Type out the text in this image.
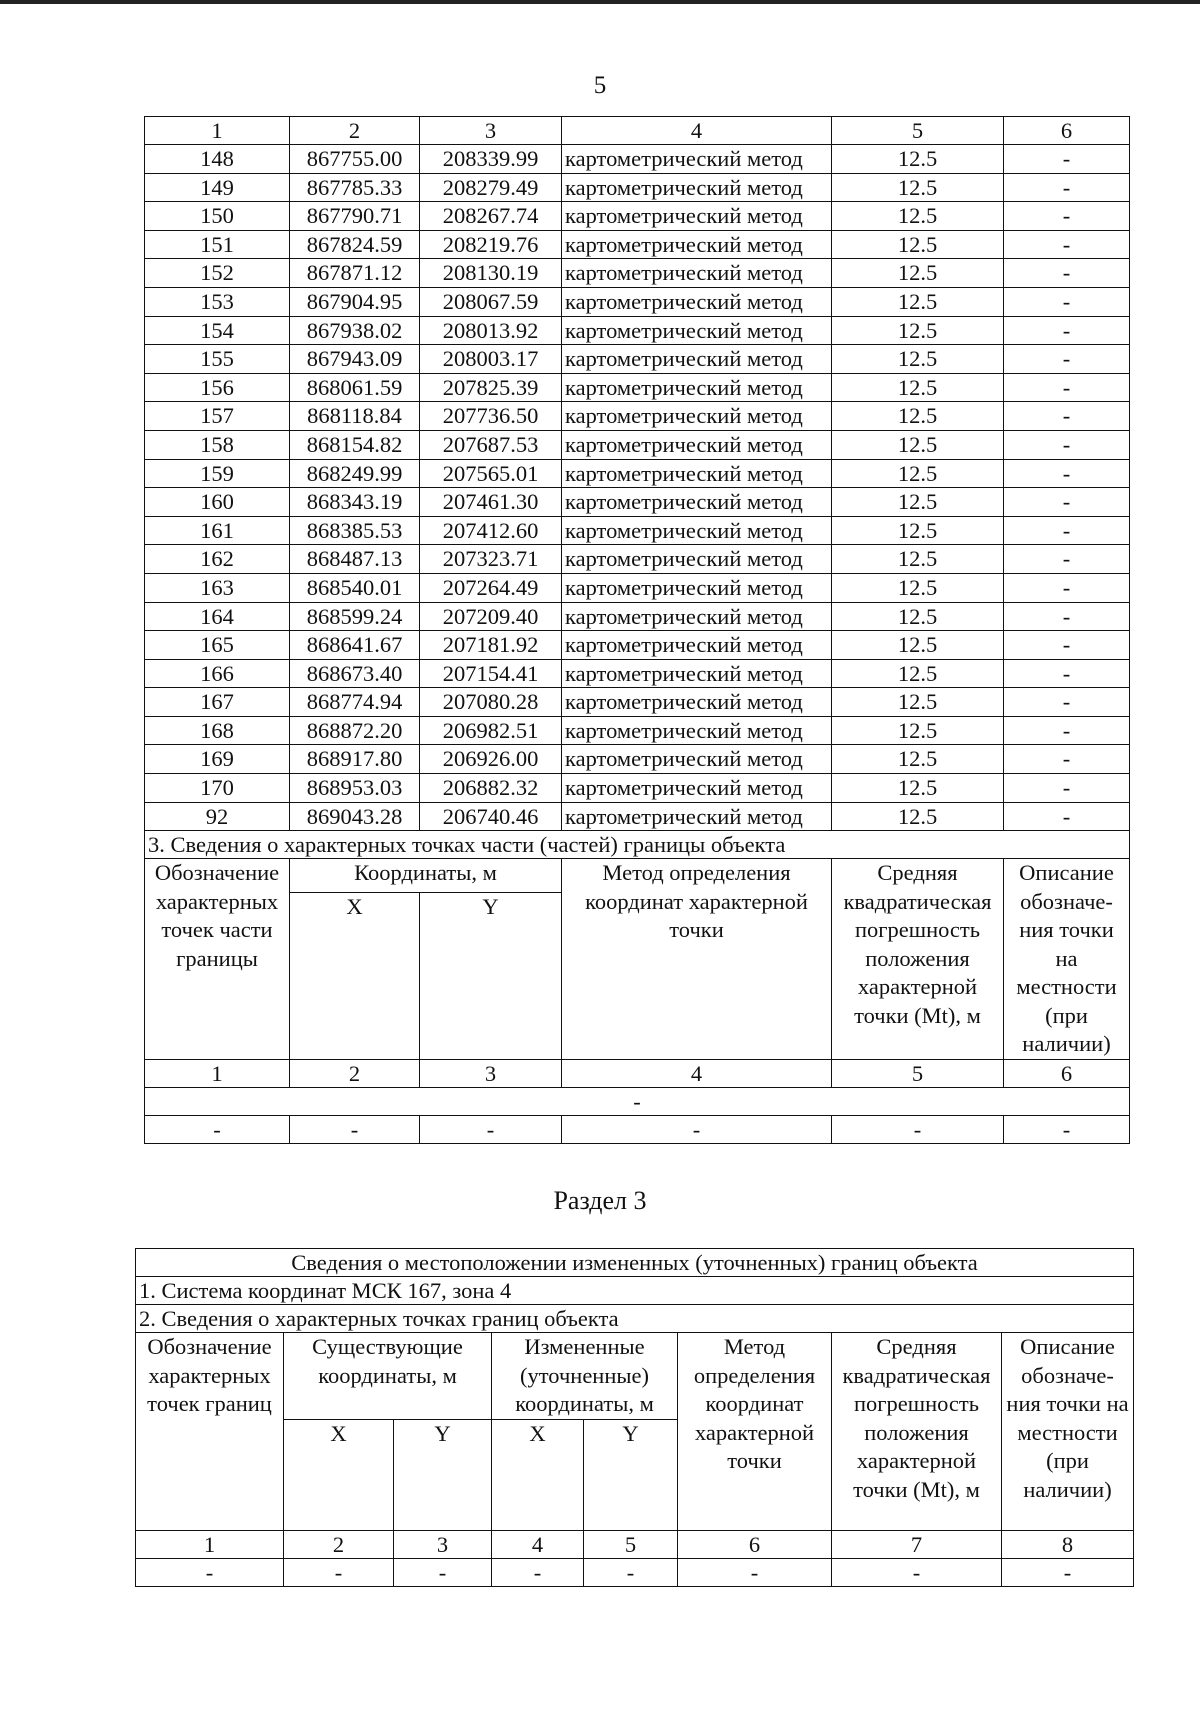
5
1	2	3	4	5	6
148	867755.00	208339.99	картометрический метод	12.5	-
149	867785.33	208279.49	картометрический метод	12.5	-
150	867790.71	208267.74	картометрический метод	12.5	-
151	867824.59	208219.76	картометрический метод	12.5	-
152	867871.12	208130.19	картометрический метод	12.5	-
153	867904.95	208067.59	картометрический метод	12.5	-
154	867938.02	208013.92	картометрический метод	12.5	-
155	867943.09	208003.17	картометрический метод	12.5	-
156	868061.59	207825.39	картометрический метод	12.5	-
157	868118.84	207736.50	картометрический метод	12.5	-
158	868154.82	207687.53	картометрический метод	12.5	-
159	868249.99	207565.01	картометрический метод	12.5	-
160	868343.19	207461.30	картометрический метод	12.5	-
161	868385.53	207412.60	картометрический метод	12.5	-
162	868487.13	207323.71	картометрический метод	12.5	-
163	868540.01	207264.49	картометрический метод	12.5	-
164	868599.24	207209.40	картометрический метод	12.5	-
165	868641.67	207181.92	картометрический метод	12.5	-
166	868673.40	207154.41	картометрический метод	12.5	-
167	868774.94	207080.28	картометрический метод	12.5	-
168	868872.20	206982.51	картометрический метод	12.5	-
169	868917.80	206926.00	картометрический метод	12.5	-
170	868953.03	206882.32	картометрический метод	12.5	-
92	869043.28	206740.46	картометрический метод	12.5	-
3. Сведения о характерных точках части (частей) границы объекта					
Обозначение характерных точек части границы	Координаты, м		Метод определения координат характерной точки	Средняя квадратическая погрешность положения характерной точки (Mt), м	Описание обозначе-ния точки на местности (при наличии)
	X	Y			
1	2	3	4	5	6
-					
-	-	-	-	-	-
Раздел 3
Сведения о местоположении измененных (уточненных) границ объекта							
1. Система координат МСК 167, зона 4							
2. Сведения о характерных точках границ объекта							
Обозначение характерных точек границ	Существующие координаты, м		Измененные (уточненные) координаты, м		Метод определения координат характерной точки	Средняя квадратическая погрешность положения характерной точки (Mt), м	Описание обозначе-ния точки на местности (при наличии)
	X	Y	X	Y			
1	2	3	4	5	6	7	8
-	-	-	-	-	-	-	-
